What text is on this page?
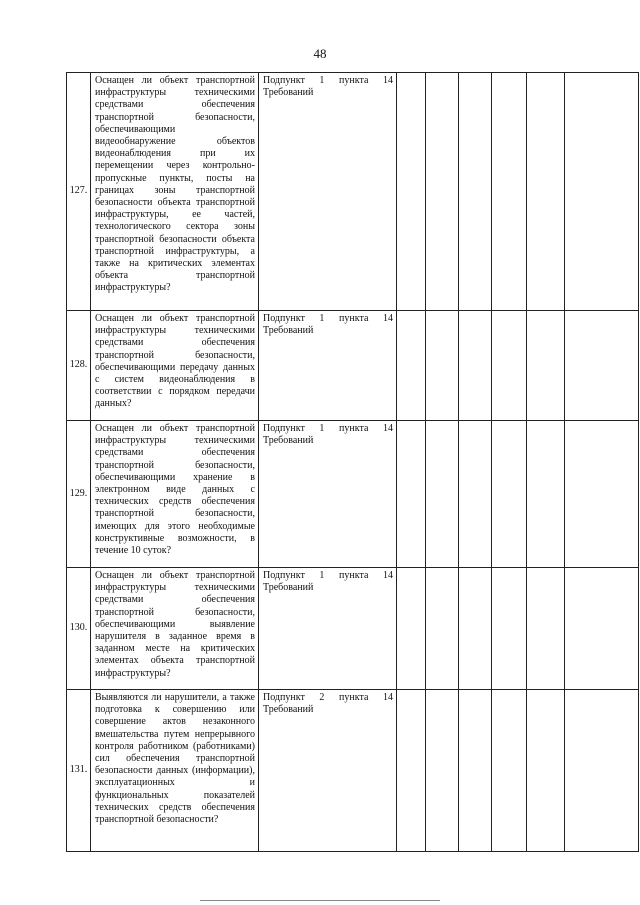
48
127.	Оснащен ли объект транспортной инфраструктуры техническими средствами обеспечения транспортной безопасности, обеспечивающими видеообнаружение объектов видеонаблюдения при их перемещении через контрольно-пропускные пункты, посты на границах зоны транспортной безопасности объекта транспортной инфраструктуры, ее частей, технологического сектора зоны транспортной безопасности объекта транспортной инфраструктуры, а также на критических элементах объекта транспортной инфраструктуры?	Подпункт 1 пункта 14 Требований						
128.	Оснащен ли объект транспортной инфраструктуры техническими средствами обеспечения транспортной безопасности, обеспечивающими передачу данных с систем видеонаблюдения в соответствии с порядком передачи данных?	Подпункт 1 пункта 14 Требований						
129.	Оснащен ли объект транспортной инфраструктуры техническими средствами обеспечения транспортной безопасности, обеспечивающими хранение в электронном виде данных с технических средств обеспечения транспортной безопасности, имеющих для этого необходимые конструктивные возможности, в течение 10 суток?	Подпункт 1 пункта 14 Требований						
130.	Оснащен ли объект транспортной инфраструктуры техническими средствами обеспечения транспортной безопасности, обеспечивающими выявление нарушителя в заданное время в заданном месте на критических элементах объекта транспортной инфраструктуры?	Подпункт 1 пункта 14 Требований						
131.	Выявляются ли нарушители, а также подготовка к совершению или совершение актов незаконного вмешательства путем непрерывного контроля работником (работниками) сил обеспечения транспортной безопасности данных (информации), эксплуатационных и функциональных показателей технических средств обеспечения транспортной безопасности?	Подпункт 2 пункта 14 Требований						
